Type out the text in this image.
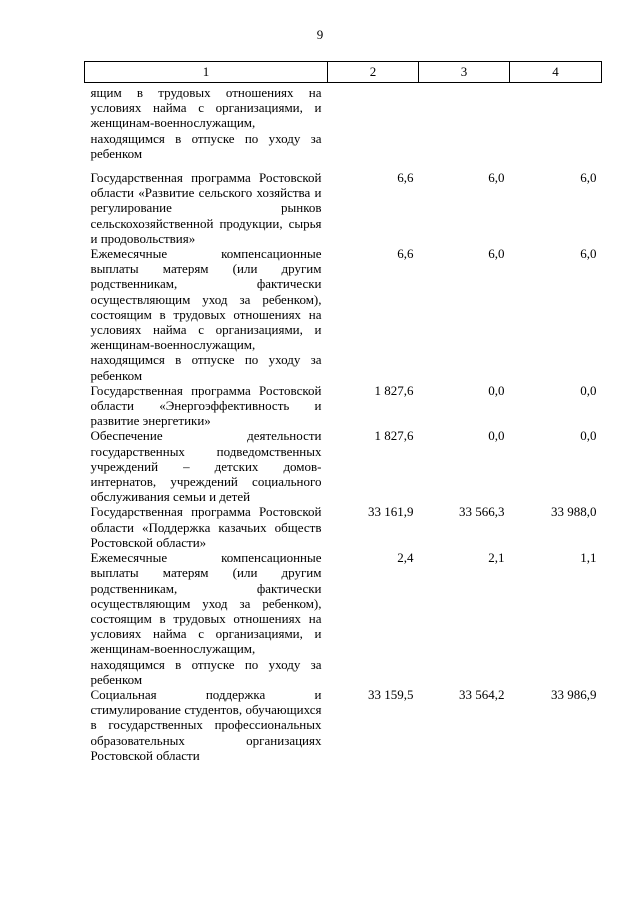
9
1	2	3	4
ящим в трудовых отношениях на условиях найма с организациями, и женщинам-военнослужащим, находящимся в отпуске по уходу за ребенком			
Государственная программа Ростовской области «Развитие сельского хозяйства и регулирование рынков сельскохозяйственной продукции, сырья и продовольствия»	6,6	6,0	6,0
Ежемесячные компенсационные выплаты матерям (или другим родственникам, фактически осуществляющим уход за ребенком), состоящим в трудовых отношениях на условиях найма с организациями, и женщинам-военнослужащим, находящимся в отпуске по уходу за ребенком	6,6	6,0	6,0
Государственная программа Ростовской области «Энергоэффективность и развитие энергетики»	1 827,6	0,0	0,0
Обеспечение деятельности государственных подведомственных учреждений – детских домов-интернатов, учреждений социального обслуживания семьи и детей	1 827,6	0,0	0,0
Государственная программа Ростовской области «Поддержка казачьих обществ Ростовской области»	33 161,9	33 566,3	33 988,0
Ежемесячные компенсационные выплаты матерям (или другим родственникам, фактически осуществляющим уход за ребенком), состоящим в трудовых отношениях на условиях найма с организациями, и женщинам-военнослужащим, находящимся в отпуске по уходу за ребенком	2,4	2,1	1,1
Социальная поддержка и стимулирование студентов, обучающихся в государственных профессиональных образовательных организациях Ростовской области	33 159,5	33 564,2	33 986,9
